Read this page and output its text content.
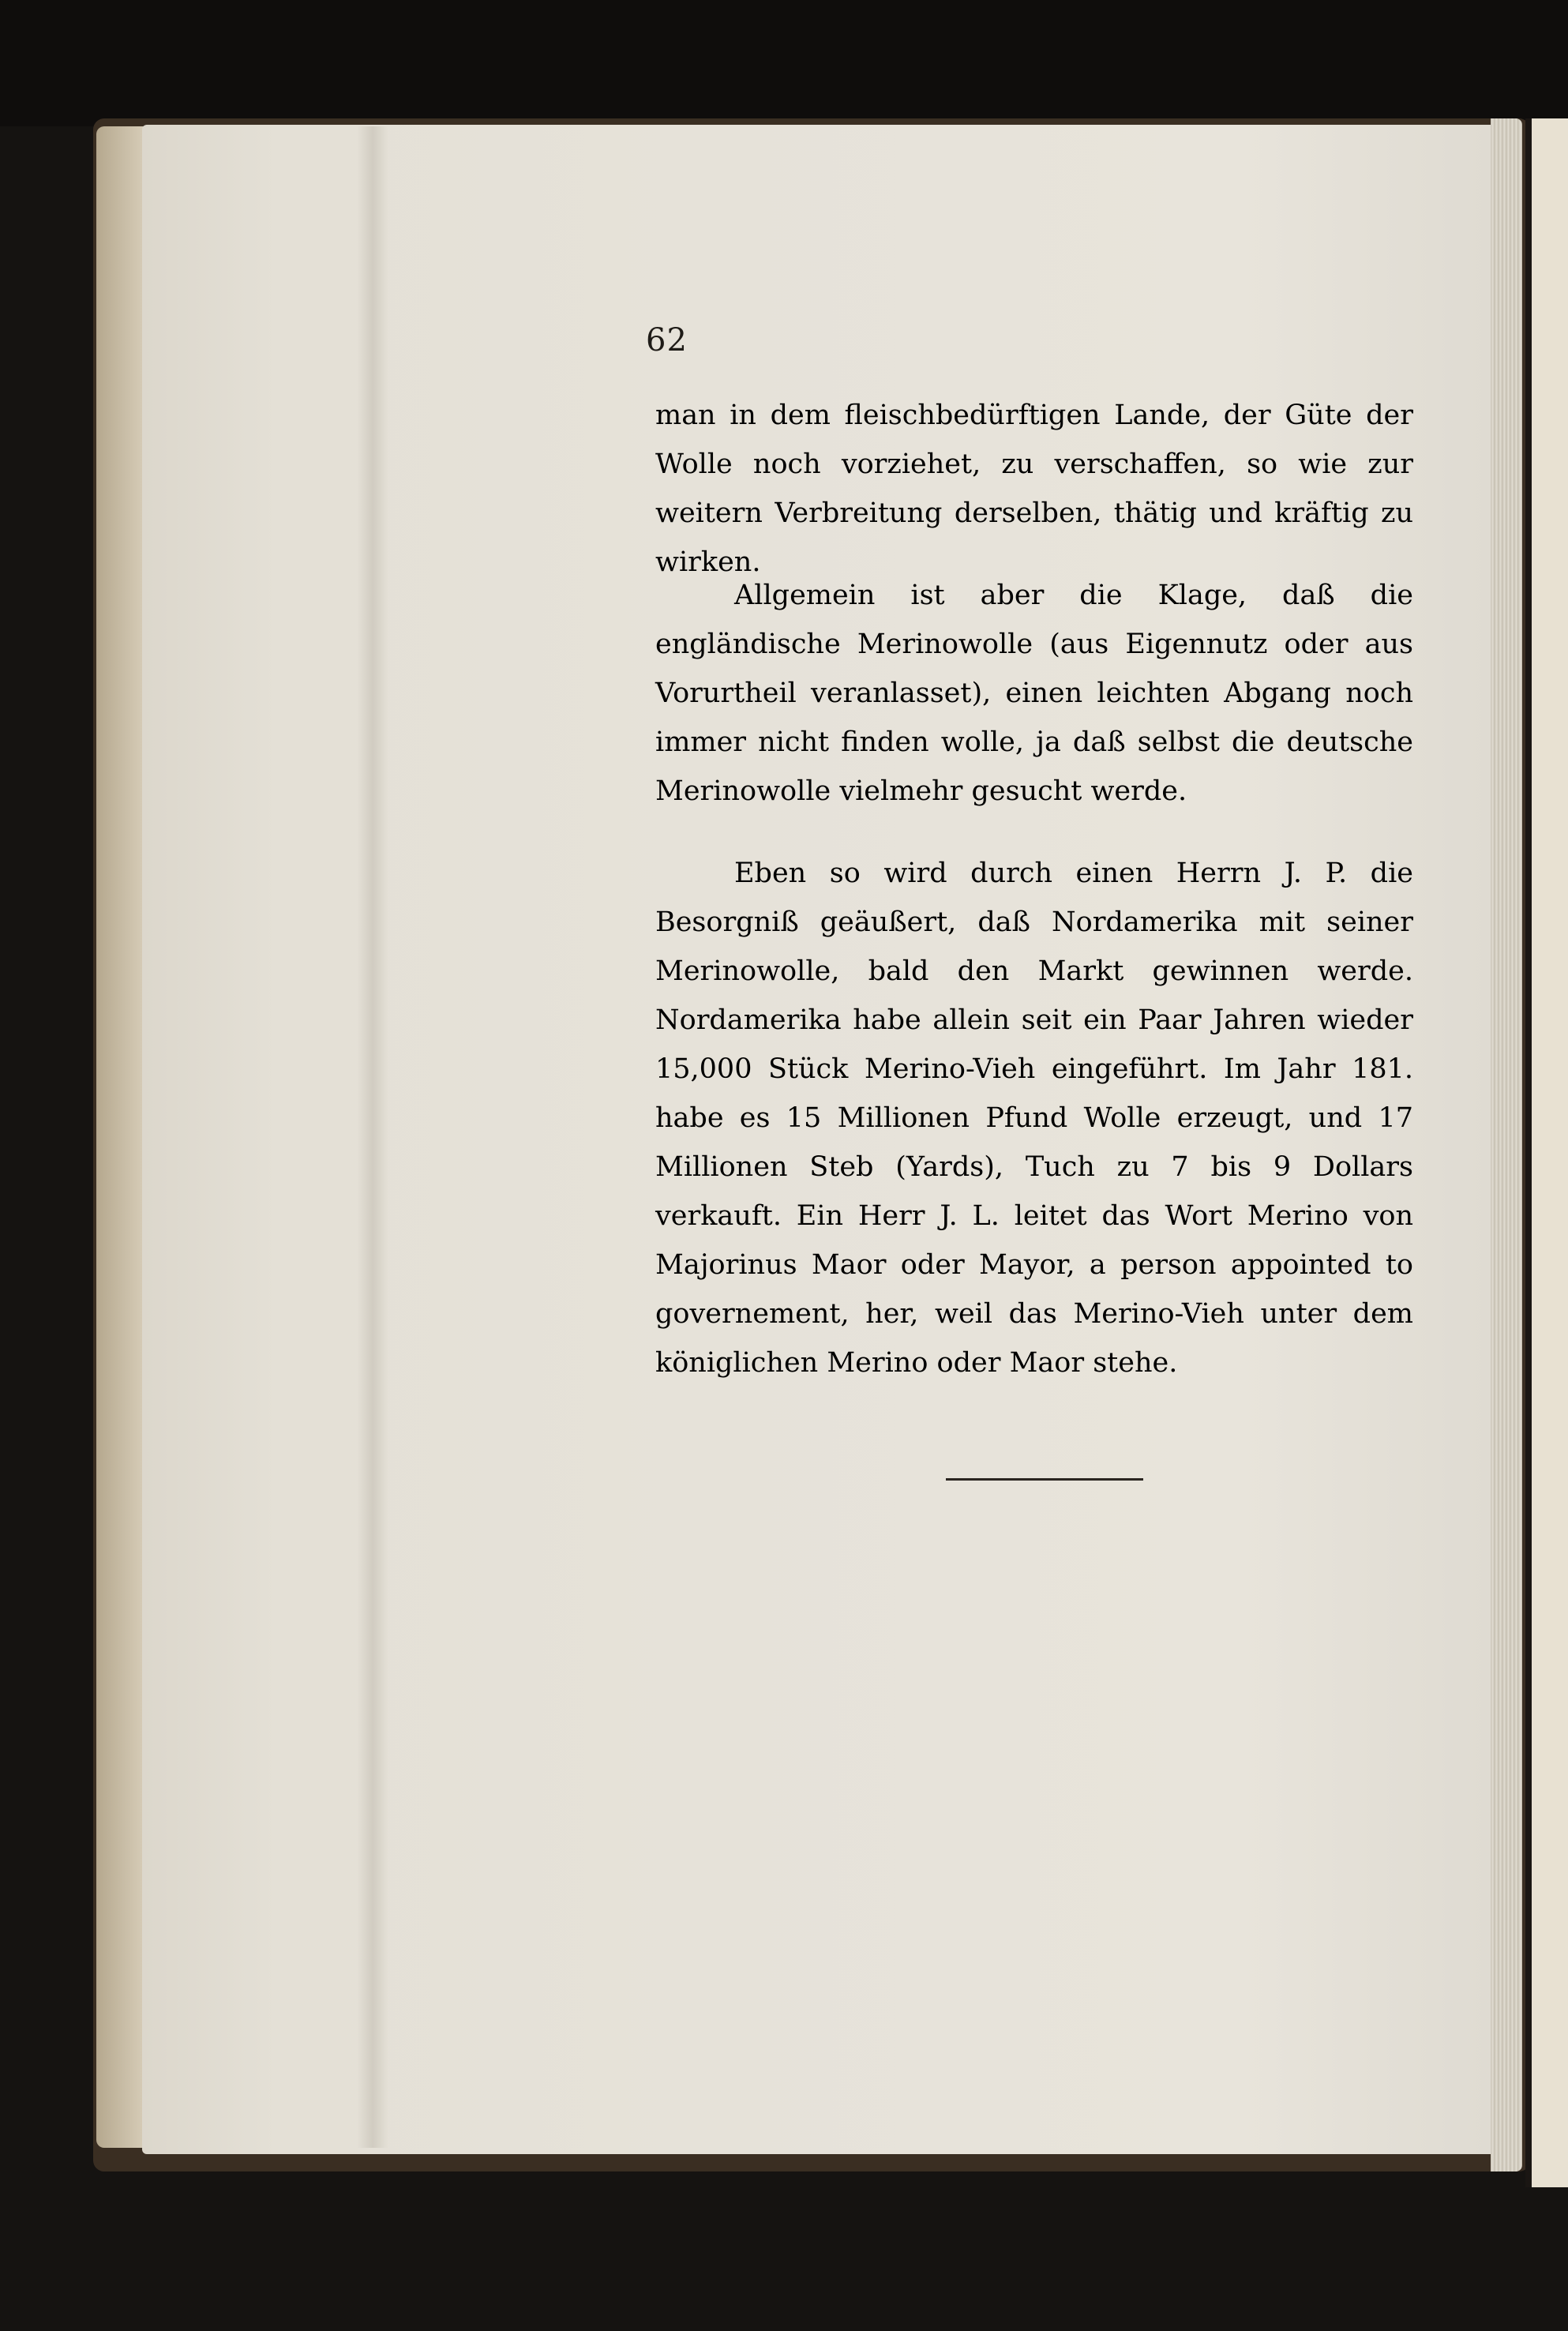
62

man in dem fleischbedürftigen Lande, der Güte der Wolle noch vorziehet, zu verschaffen, so wie zur weitern Verbreitung derselben, thätig und kräftig zu wirken.

Allgemein ist aber die Klage, daß die engländische Merinowolle (aus Eigennutz oder aus Vorurtheil veranlasset), einen leichten Abgang noch immer nicht finden wolle, ja daß selbst die deutsche Merinowolle vielmehr gesucht werde.

Eben so wird durch einen Herrn J. P. die Besorgniß geäußert, daß Nordamerika mit seiner Merinowolle, bald den Markt gewinnen werde. Nordamerika habe allein seit ein Paar Jahren wieder 15,000 Stück Merino-Vieh eingeführt. Im Jahr 181. habe es 15 Millionen Pfund Wolle erzeugt, und 17 Millionen Steb (Yards), Tuch zu 7 bis 9 Dollars verkauft. Ein Herr J. L. leitet das Wort Merino von Majorinus Maor oder Mayor, a person appointed to governement, her, weil das Merino-Vieh unter dem königlichen Merino oder Maor stehe.
